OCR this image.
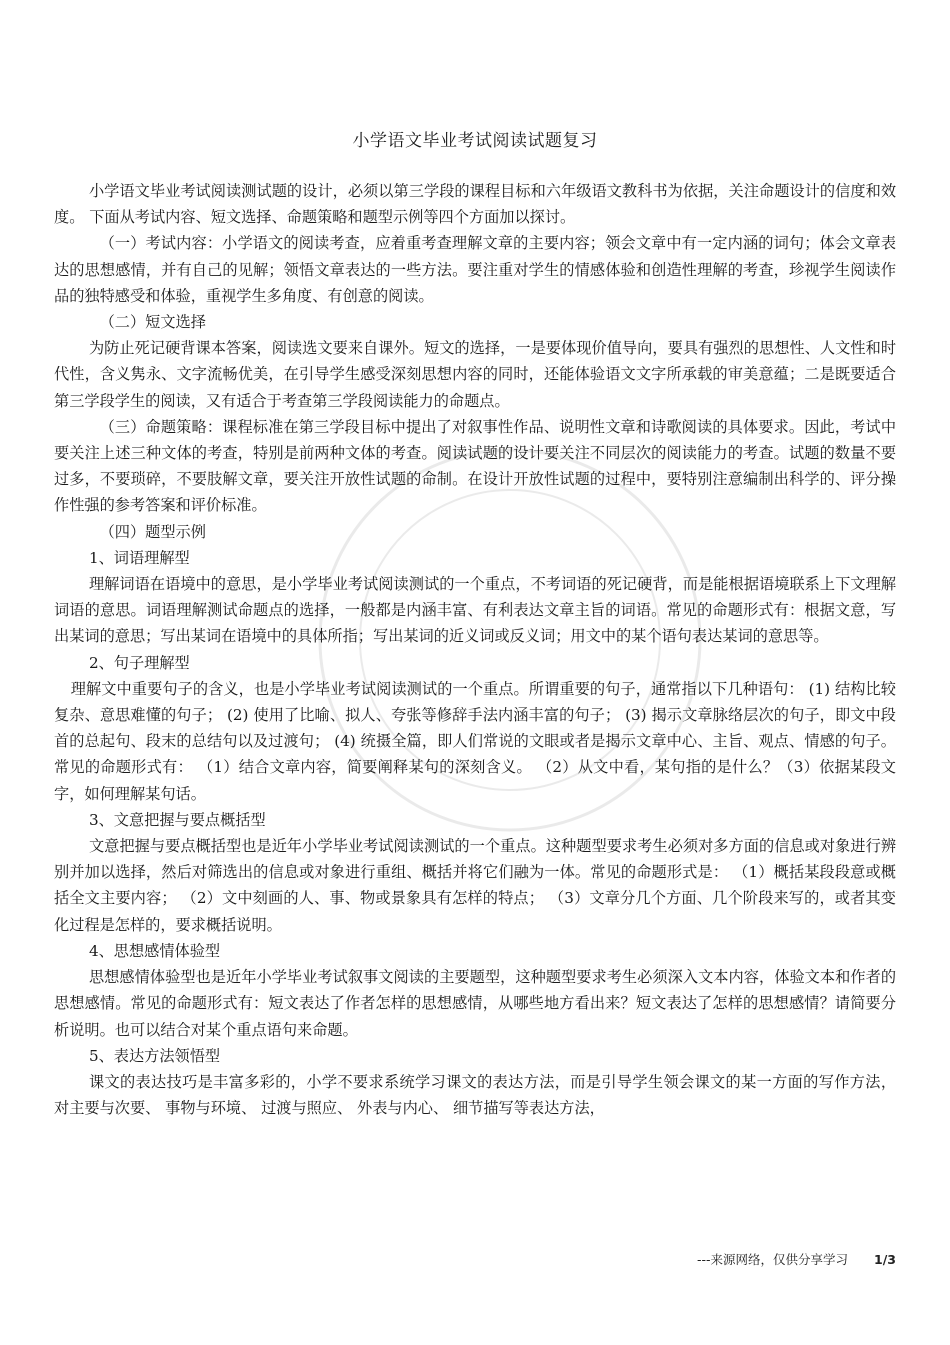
小学语文毕业考试阅读试题复习

小学语文毕业考试阅读测试题的设计，必须以第三学段的课程目标和六年级语文教科书为依据，关注命题设计的信度和效度。 下面从考试内容、短文选择、命题策略和题型示例等四个方面加以探讨。

（一）考试内容：小学语文的阅读考查，应着重考查理解文章的主要内容；领会文章中有一定内涵的词句；体会文章表达的思想感情，并有自己的见解；领悟文章表达的一些方法。要注重对学生的情感体验和创造性理解的考查，珍视学生阅读作品的独特感受和体验，重视学生多角度、有创意的阅读。

（二）短文选择

为防止死记硬背课本答案，阅读选文要来自课外。短文的选择，一是要体现价值导向，要具有强烈的思想性、人文性和时代性，含义隽永、文字流畅优美，在引导学生感受深刻思想内容的同时，还能体验语文文字所承载的审美意蕴；二是既要适合第三学段学生的阅读，又有适合于考查第三学段阅读能力的命题点。

（三）命题策略：课程标准在第三学段目标中提出了对叙事性作品、说明性文章和诗歌阅读的具体要求。因此，考试中要关注上述三种文体的考查，特别是前两种文体的考查。阅读试题的设计要关注不同层次的阅读能力的考查。试题的数量不要过多，不要琐碎，不要肢解文章，要关注开放性试题的命制。在设计开放性试题的过程中，要特别注意编制出科学的、评分操作性强的参考答案和评价标准。

（四）题型示例

1、词语理解型

理解词语在语境中的意思，是小学毕业考试阅读测试的一个重点，不考词语的死记硬背，而是能根据语境联系上下文理解词语的意思。词语理解测试命题点的选择，一般都是内涵丰富、有利表达文章主旨的词语。常见的命题形式有：根据文意，写出某词的意思；写出某词在语境中的具体所指；写出某词的近义词或反义词；用文中的某个语句表达某词的意思等。

2、句子理解型

理解文中重要句子的含义，也是小学毕业考试阅读测试的一个重点。所谓重要的句子，通常指以下几种语句： (1) 结构比较复杂、意思难懂的句子； (2) 使用了比喻、拟人、夸张等修辞手法内涵丰富的句子； (3) 揭示文章脉络层次的句子，即文中段首的总起句、段末的总结句以及过渡句； (4) 统摄全篇，即人们常说的文眼或者是揭示文章中心、主旨、观点、情感的句子。常见的命题形式有： （1）结合文章内容，简要阐释某句的深刻含义。 （2）从文中看，某句指的是什么？（3）依据某段文字，如何理解某句话。

3、文意把握与要点概括型

文意把握与要点概括型也是近年小学毕业考试阅读测试的一个重点。这种题型要求考生必须对多方面的信息或对象进行辨别并加以选择，然后对筛选出的信息或对象进行重组、概括并将它们融为一体。常见的命题形式是： （1）概括某段段意或概括全文主要内容； （2）文中刻画的人、事、物或景象具有怎样的特点； （3）文章分几个方面、几个阶段来写的，或者其变化过程是怎样的，要求概括说明。

4、思想感情体验型

思想感情体验型也是近年小学毕业考试叙事文阅读的主要题型，这种题型要求考生必须深入文本内容，体验文本和作者的思想感情。常见的命题形式有：短文表达了作者怎样的思想感情，从哪些地方看出来？短文表达了怎样的思想感情？请简要分析说明。也可以结合对某个重点语句来命题。

5、表达方法领悟型

课文的表达技巧是丰富多彩的，小学不要求系统学习课文的表达方法，而是引导学生领会课文的某一方面的写作方法， 对主要与次要、 事物与环境、 过渡与照应、 外表与内心、 细节描写等表达方法，

---来源网络，仅供分享学习 1/3
